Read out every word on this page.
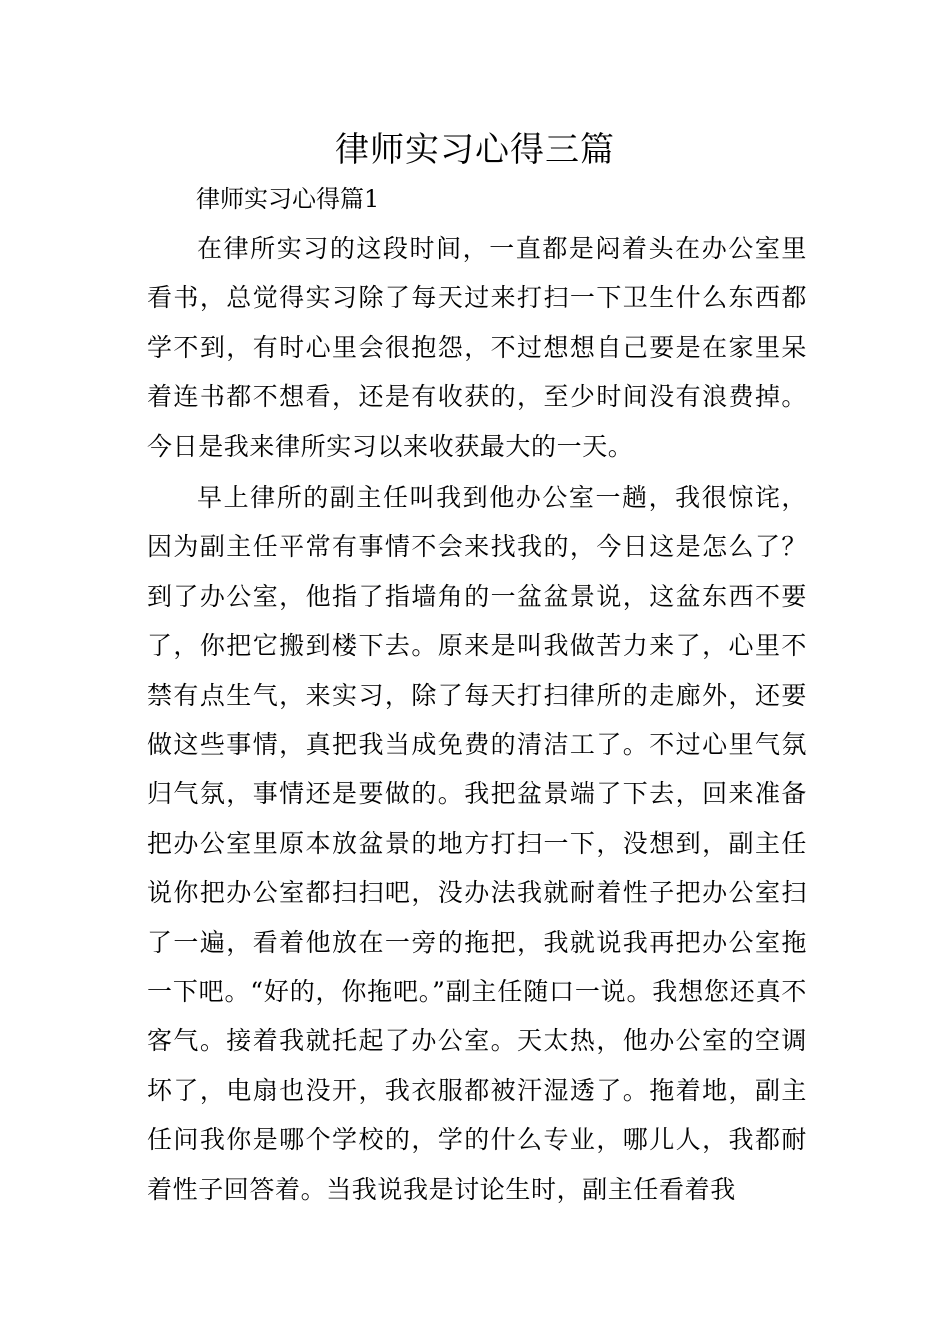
律师实习心得三篇
律师实习心得篇1

在律所实习的这段时间，一直都是闷着头在办公室里看书，总觉得实习除了每天过来打扫一下卫生什么东西都学不到，有时心里会很抱怨，不过想想自己要是在家里呆着连书都不想看，还是有收获的，至少时间没有浪费掉。今日是我来律所实习以来收获最大的一天。

早上律所的副主任叫我到他办公室一趟，我很惊诧，因为副主任平常有事情不会来找我的，今日这是怎么了？到了办公室，他指了指墙角的一盆盆景说，这盆东西不要了，你把它搬到楼下去。原来是叫我做苦力来了，心里不禁有点生气，来实习，除了每天打扫律所的走廊外，还要做这些事情，真把我当成免费的清洁工了。不过心里气氛归气氛，事情还是要做的。我把盆景端了下去，回来准备把办公室里原本放盆景的地方打扫一下，没想到，副主任说你把办公室都扫扫吧，没办法我就耐着性子把办公室扫了一遍，看着他放在一旁的拖把，我就说我再把办公室拖一下吧。“好的，你拖吧。”副主任随口一说。我想您还真不客气。接着我就托起了办公室。天太热，他办公室的空调坏了，电扇也没开，我衣服都被汗湿透了。拖着地，副主任问我你是哪个学校的，学的什么专业，哪儿人，我都耐着性子回答着。当我说我是讨论生时，副主任看着我
